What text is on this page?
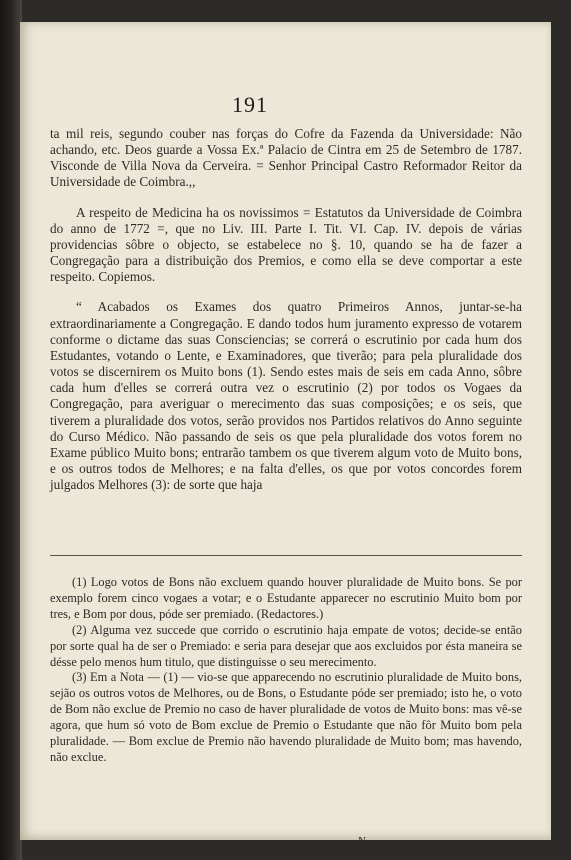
191

ta mil reis, segundo couber nas forças do Cofre da Fazenda da Universidade: Não achando, etc. Deos guarde a Vossa Ex.ª Palacio de Cintra em 25 de Setembro de 1787. Visconde de Villa Nova da Cerveira. = Senhor Principal Castro Reformador Reitor da Universidade de Coimbra.,,

A respeito de Medicina ha os novissimos = Estatutos da Universidade de Coimbra do anno de 1772 =, que no Liv. III. Parte I. Tit. VI. Cap. IV. depois de várias providencias sôbre o objecto, se estabelece no §. 10, quando se ha de fazer a Congregação para a distribuição dos Premios, e como ella se deve comportar a este respeito. Copiemos.

“ Acabados os Exames dos quatro Primeiros Annos, juntar-se-ha extraordinariamente a Congregação. E dando todos hum juramento expresso de votarem conforme o dictame das suas Consciencias; se correrá o escrutinio por cada hum dos Estudantes, votando o Lente, e Examinadores, que tiverão; para pela pluralidade dos votos se discernirem os Muito bons (1). Sendo estes mais de seis em cada Anno, sôbre cada hum d'elles se correrá outra vez o escrutinio (2) por todos os Vogaes da Congregação, para averiguar o merecimento das suas composições; e os seis, que tiverem a pluralidade dos votos, serão providos nos Partidos relativos do Anno seguinte do Curso Médico. Não passando de seis os que pela pluralidade dos votos forem no Exame público Muito bons; entrarão tambem os que tiverem algum voto de Muito bons, e os outros todos de Melhores; e na falta d'elles, os que por votos concordes forem julgados Melhores (3): de sorte que haja

(1) Logo votos de Bons não excluem quando houver pluralidade de Muito bons. Se por exemplo forem cinco vogaes a votar; e o Estudante apparecer no escrutinio Muito bom por tres, e Bom por dous, póde ser premiado. (Redactores.)

(2) Alguma vez succede que corrido o escrutinio haja empate de votos; decide-se então por sorte qual ha de ser o Premiado: e seria para desejar que aos excluidos por ésta maneira se désse pelo menos hum titulo, que distinguisse o seu merecimento.

(3) Em a Nota — (1) — vio-se que apparecendo no escrutinio pluralidade de Muito bons, sejão os outros votos de Melhores, ou de Bons, o Estudante póde ser premiado; isto he, o voto de Bom não exclue de Premio no caso de haver pluralidade de votos de Muito bons: mas vê-se agora, que hum só voto de Bom exclue de Premio o Estudante que não fôr Muito bom pela pluralidade. — Bom exclue de Premio não havendo pluralidade de Muito bom; mas havendo, não exclue.

N
